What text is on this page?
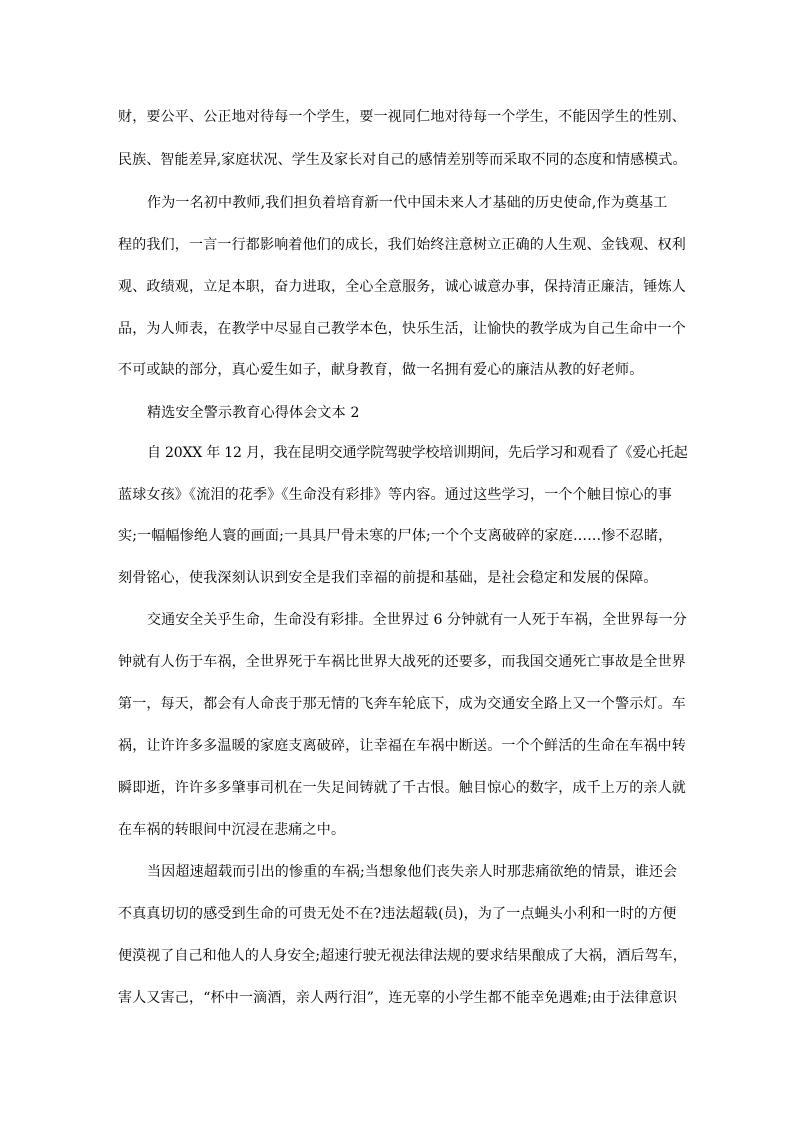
财，要公平、公正地对待每一个学生，要一视同仁地对待每一个学生，不能因学生的性别、

民族、智能差异,家庭状况、学生及家长对自己的感情差别等而采取不同的态度和情感模式。

作为一名初中教师,我们担负着培育新一代中国未来人才基础的历史使命,作为奠基工

程的我们，一言一行都影响着他们的成长，我们始终注意树立正确的人生观、金钱观、权利

观、政绩观，立足本职，奋力进取，全心全意服务，诚心诚意办事，保持清正廉洁，锤炼人

品，为人师表，在教学中尽显自己教学本色，快乐生活，让愉快的教学成为自己生命中一个

不可或缺的部分，真心爱生如子，献身教育，做一名拥有爱心的廉洁从教的好老师。

精选安全警示教育心得体会文本 2

自 20XX 年 12 月，我在昆明交通学院驾驶学校培训期间，先后学习和观看了《爱心托起

蓝球女孩》《流泪的花季》《生命没有彩排》等内容。通过这些学习，一个个触目惊心的事

实;一幅幅惨绝人寰的画面;一具具尸骨未寒的尸体;一个个支离破碎的家庭……惨不忍睹，

刻骨铭心，使我深刻认识到安全是我们幸福的前提和基础，是社会稳定和发展的保障。

交通安全关乎生命，生命没有彩排。全世界过 6 分钟就有一人死于车祸，全世界每一分

钟就有人伤于车祸，全世界死于车祸比世界大战死的还要多，而我国交通死亡事故是全世界

第一，每天，都会有人命丧于那无情的飞奔车轮底下，成为交通安全路上又一个警示灯。车

祸，让许许多多温暖的家庭支离破碎，让幸福在车祸中断送。一个个鲜活的生命在车祸中转

瞬即逝，许许多多肇事司机在一失足间铸就了千古恨。触目惊心的数字，成千上万的亲人就

在车祸的转眼间中沉浸在悲痛之中。

当因超速超载而引出的惨重的车祸;当想象他们丧失亲人时那悲痛欲绝的情景，谁还会

不真真切切的感受到生命的可贵无处不在?违法超载(员)，为了一点蝇头小利和一时的方便

便漠视了自己和他人的人身安全;超速行驶无视法律法规的要求结果酿成了大祸，酒后驾车，

害人又害己，“杯中一滴酒，亲人两行泪”，连无辜的小学生都不能幸免遇难;由于法律意识
